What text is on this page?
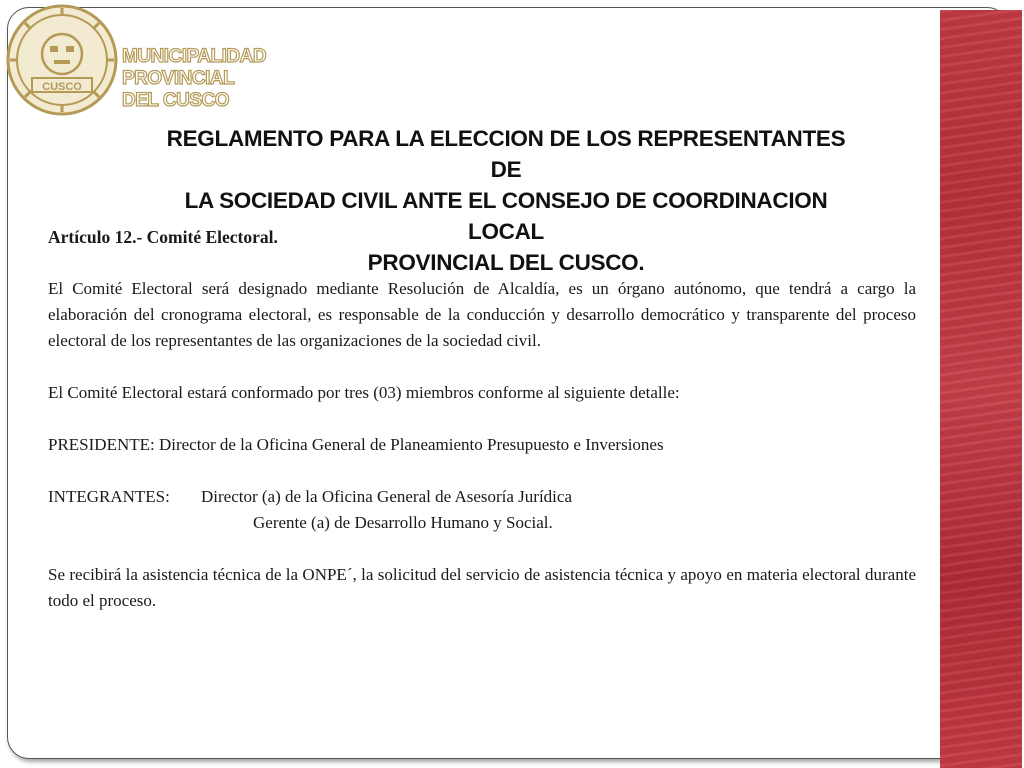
CUSCO
MUNICIPALIDAD
PROVINCIAL
DEL CUSCO
REGLAMENTO PARA LA ELECCION DE LOS REPRESENTANTES DE
LA SOCIEDAD CIVIL ANTE EL CONSEJO DE COORDINACION LOCAL
PROVINCIAL DEL CUSCO.
Artículo 12.- Comité Electoral.
El Comité Electoral será designado mediante Resolución de Alcaldía, es un órgano autónomo, que tendrá a cargo la elaboración del cronograma electoral, es responsable de la conducción y desarrollo democrático y transparente del proceso electoral de los representantes de las organizaciones de la sociedad civil.
El Comité Electoral estará conformado por tres (03) miembros conforme al siguiente detalle:
PRESIDENTE: Director de la Oficina General de Planeamiento Presupuesto e Inversiones
INTEGRANTES:	Director (a) de la Oficina General de Asesoría Jurídica
Gerente (a) de Desarrollo Humano y Social.
Se recibirá la asistencia técnica de la ONPE´, la solicitud del servicio de asistencia técnica y apoyo en materia electoral durante todo el proceso.
